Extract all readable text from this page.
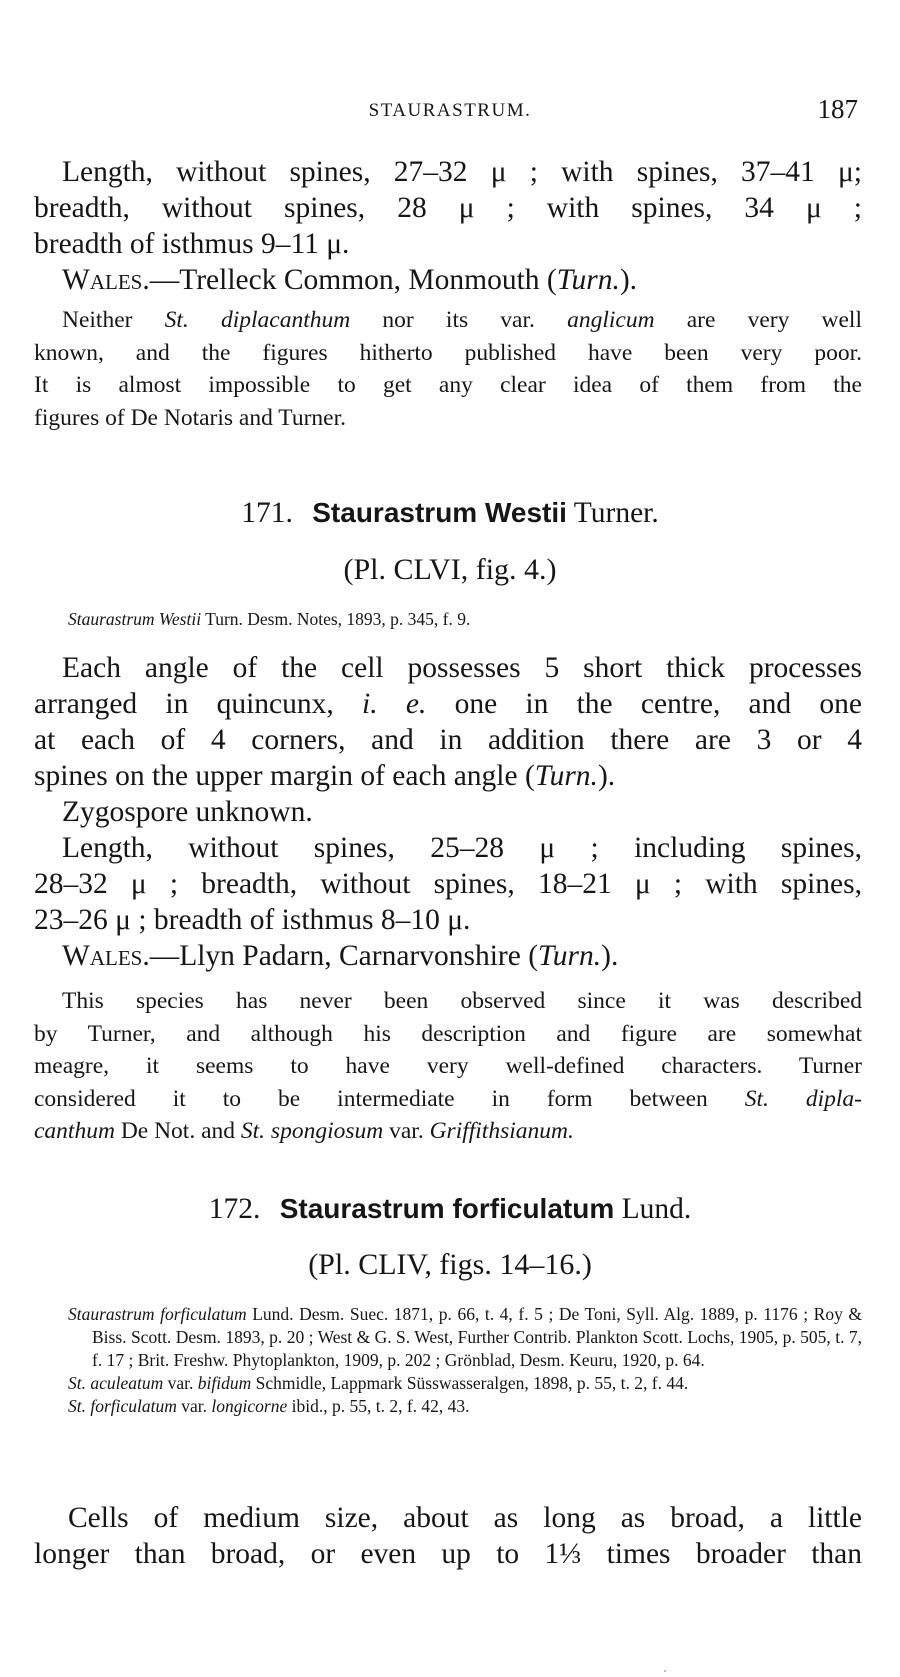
STAURASTRUM.	187
Length, without spines, 27–32 μ ; with spines, 37–41 μ;
breadth, without spines, 28 μ ; with spines, 34 μ ;
breadth of isthmus 9–11 μ.
Wales.—Trelleck Common, Monmouth (Turn.).
Neither St. diplacanthum nor its var. anglicum are very well
known, and the figures hitherto published have been very poor.
It is almost impossible to get any clear idea of them from the
figures of De Notaris and Turner.
171. Staurastrum Westii Turner.
(Pl. CLVI, fig. 4.)
Staurastrum Westii Turn. Desm. Notes, 1893, p. 345, f. 9.
Each angle of the cell possesses 5 short thick processes
arranged in quincunx, i. e. one in the centre, and one
at each of 4 corners, and in addition there are 3 or 4
spines on the upper margin of each angle (Turn.).
Zygospore unknown.
Length, without spines, 25–28 μ ; including spines,
28–32 μ ; breadth, without spines, 18–21 μ ; with spines,
23–26 μ ; breadth of isthmus 8–10 μ.
Wales.—Llyn Padarn, Carnarvonshire (Turn.).
This species has never been observed since it was described
by Turner, and although his description and figure are somewhat
meagre, it seems to have very well-defined characters. Turner
considered it to be intermediate in form between St. dipla-
canthum De Not. and St. spongiosum var. Griffithsianum.
172. Staurastrum forficulatum Lund.
(Pl. CLIV, figs. 14–16.)
Staurastrum forficulatum Lund. Desm. Suec. 1871, p. 66, t. 4, f. 5 ; De Toni, Syll. Alg. 1889, p. 1176 ; Roy & Biss. Scott. Desm. 1893, p. 20 ; West & G. S. West, Further Contrib. Plankton Scott. Lochs, 1905, p. 505, t. 7, f. 17 ; Brit. Freshw. Phytoplankton, 1909, p. 202 ; Grönblad, Desm. Keuru, 1920, p. 64.
St. aculeatum var. bifidum Schmidle, Lappmark Süsswasseralgen, 1898, p. 55, t. 2, f. 44.
St. forficulatum var. longicorne ibid., p. 55, t. 2, f. 42, 43.
Cells of medium size, about as long as broad, a little
longer than broad, or even up to 1⅓ times broader than
